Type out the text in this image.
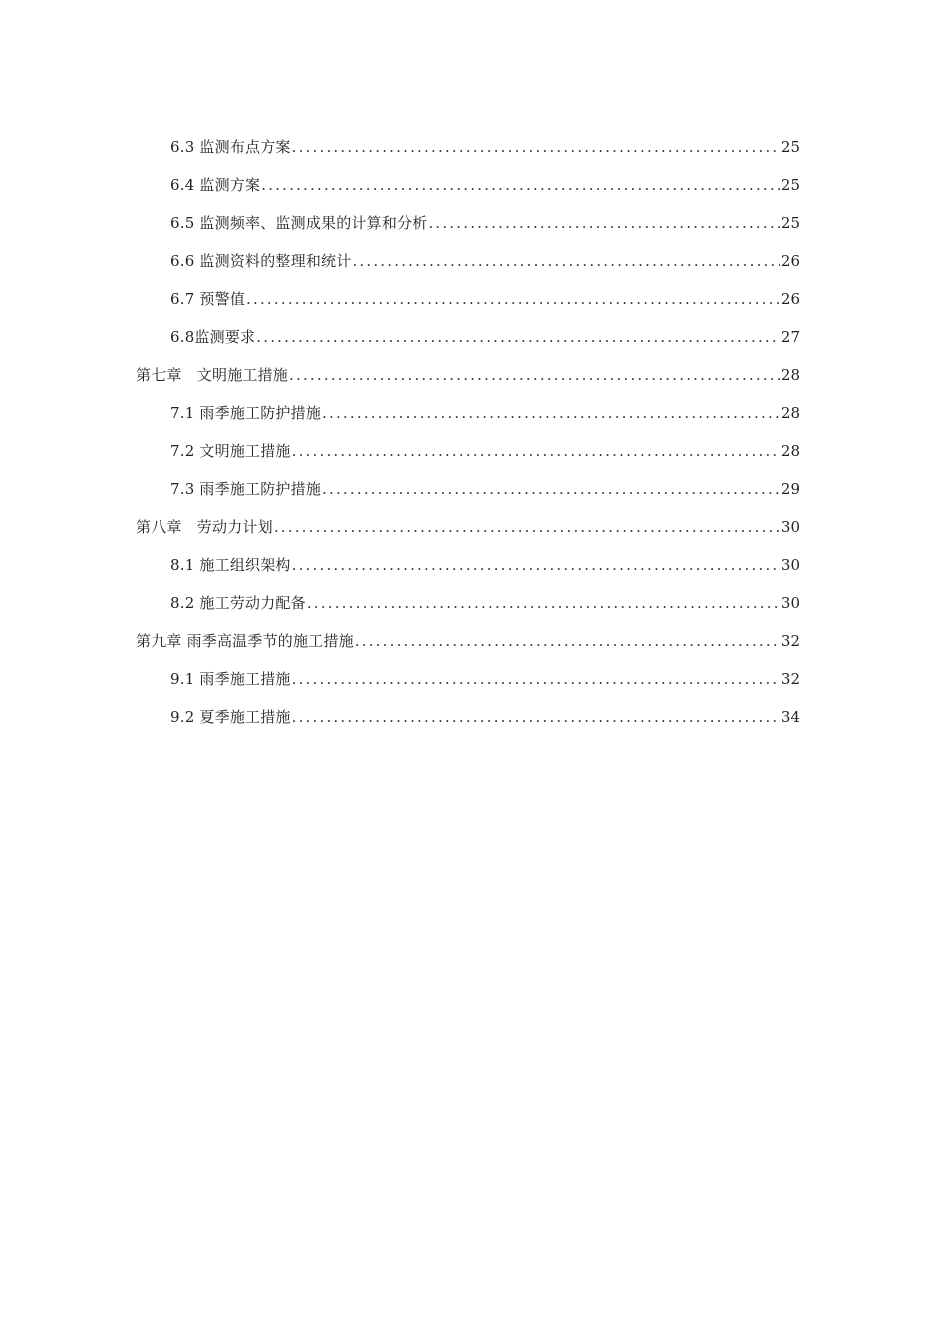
6.3 监测布点方案 .....	25
6.4 监测方案 .....	25
6.5 监测频率、监测成果的计算和分析 .....	25
6.6 监测资料的整理和统计 .....	26
6.7 预警值 .....	26
6.8监测要求 .....	27
第七章　文明施工措施 .....	28
7.1 雨季施工防护措施 .....	28
7.2 文明施工措施 .....	28
7.3 雨季施工防护措施 .....	29
第八章　劳动力计划 .....	30
8.1 施工组织架构 .....	30
8.2 施工劳动力配备 .....	30
第九章 雨季高温季节的施工措施 .....	32
9.1 雨季施工措施 .....	32
9.2 夏季施工措施 .....	34
